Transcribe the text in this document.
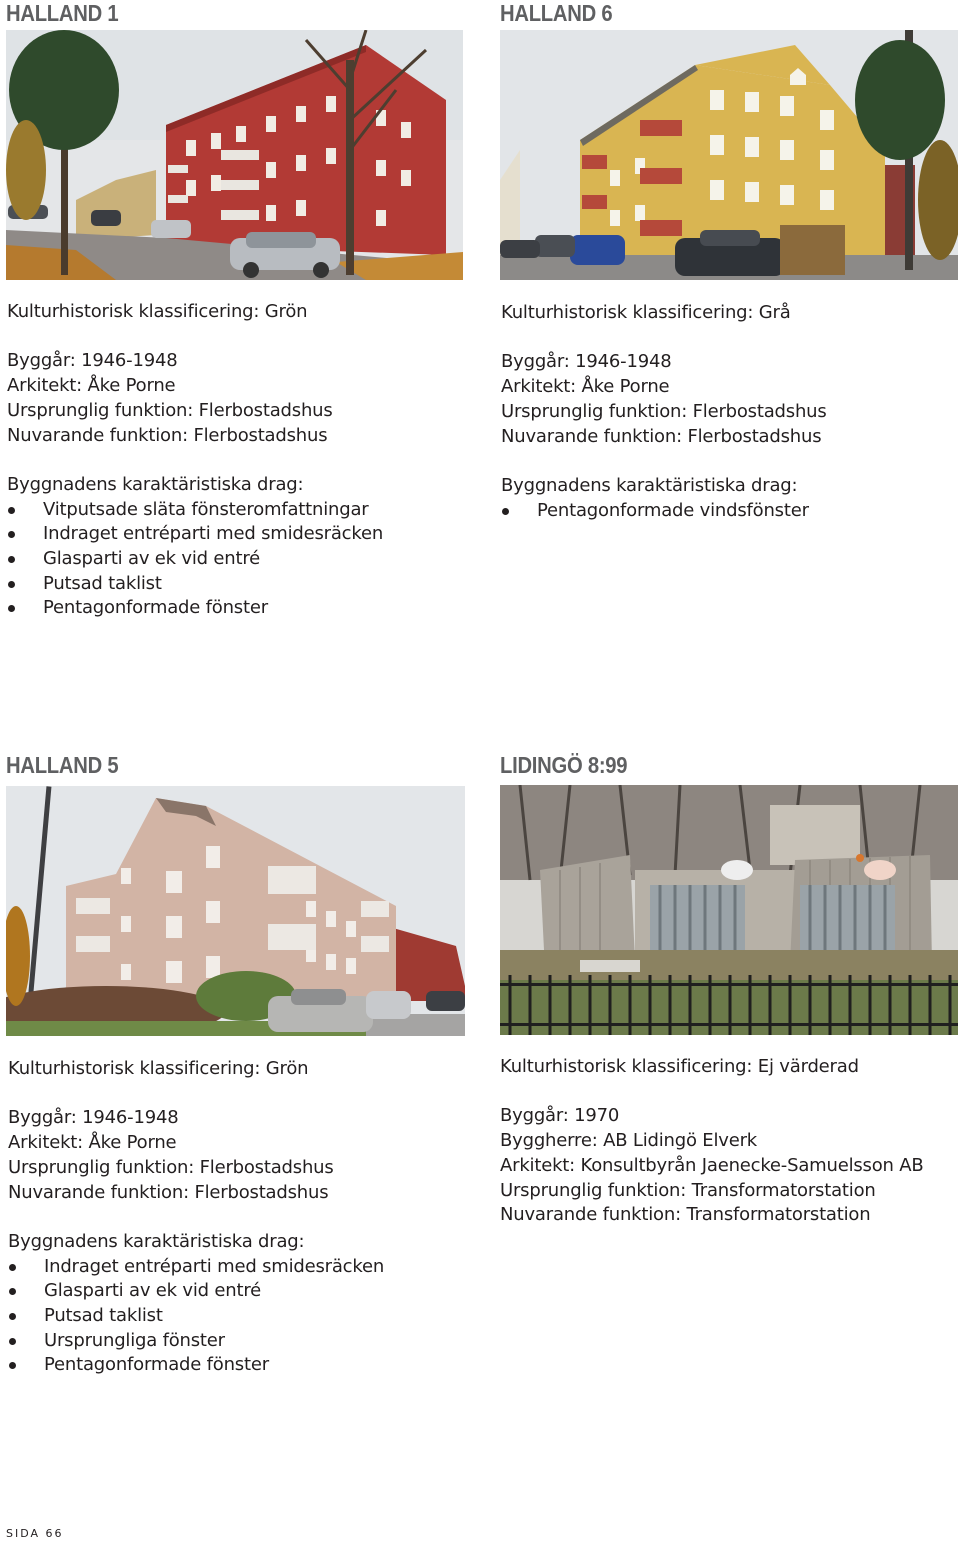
HALLAND 1
Kulturhistorisk klassificering: Grön
Byggår: 1946-1948
Arkitekt: Åke Porne
Ursprunglig funktion: Flerbostadshus
Nuvarande funktion: Flerbostadshus
Byggnadens karaktäristiska drag:
Vitputsade släta fönsteromfattningar
Indraget entréparti med smidesräcken
Glasparti av ek vid entré
Putsad taklist
Pentagonformade fönster
HALLAND 6
Kulturhistorisk klassificering: Grå
Byggår: 1946-1948
Arkitekt: Åke Porne
Ursprunglig funktion: Flerbostadshus
Nuvarande funktion: Flerbostadshus
Byggnadens karaktäristiska drag:
Pentagonformade vindsfönster
HALLAND 5
Kulturhistorisk klassificering: Grön
Byggår: 1946-1948
Arkitekt: Åke Porne
Ursprunglig funktion: Flerbostadshus
Nuvarande funktion: Flerbostadshus
Byggnadens karaktäristiska drag:
Indraget entréparti med smidesräcken
Glasparti av ek vid entré
Putsad taklist
Ursprungliga fönster
Pentagonformade fönster
LIDINGÖ 8:99
Kulturhistorisk klassificering: Ej värderad
Byggår: 1970
Byggherre: AB Lidingö Elverk
Arkitekt: Konsultbyrån Jaenecke-Samuelsson AB
Ursprunglig funktion: Transformatorstation
Nuvarande funktion: Transformatorstation
SIDA 66
